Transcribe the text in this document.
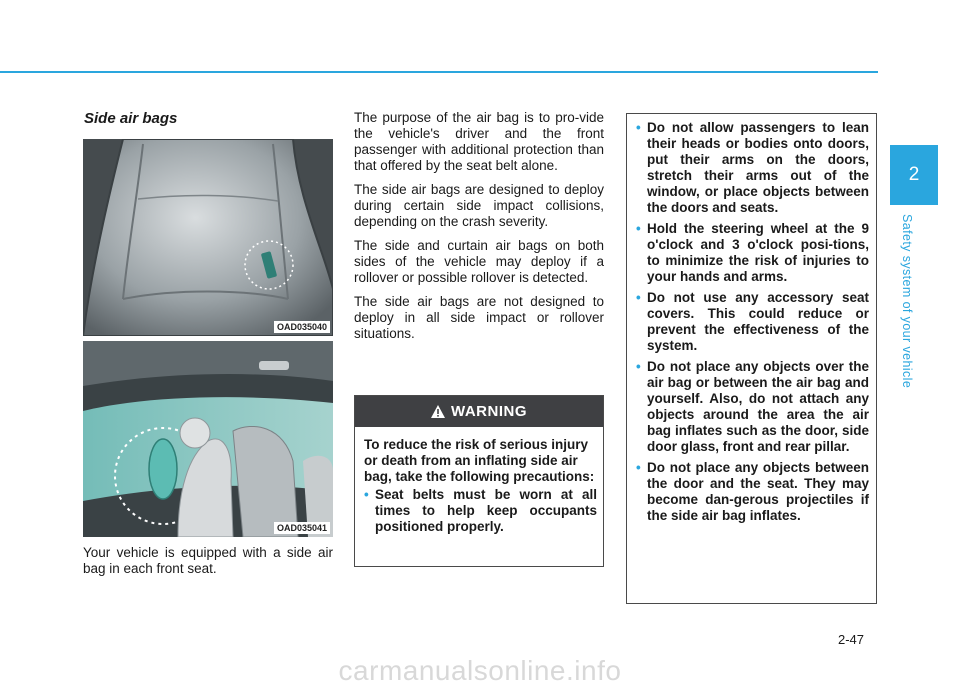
Side air bags
OAD035040
OAD035041

Your vehicle is equipped with a side air bag in each front seat.

The purpose of the air bag is to pro-vide the vehicle's driver and the front passenger with additional protection than that offered by the seat belt alone.

The side air bags are designed to deploy during certain side impact collisions, depending on the crash severity.

The side and curtain air bags on both sides of the vehicle may deploy if a rollover or possible rollover is detected.

The side air bags are not designed to deploy in all side impact or rollover situations.

WARNING

To reduce the risk of serious injury or death from an inflating side air bag, take the following precautions:

• Seat belts must be worn at all times to help keep occupants positioned properly.
• Do not allow passengers to lean their heads or bodies onto doors, put their arms on the doors, stretch their arms out of the window, or place objects between the doors and seats.
• Hold the steering wheel at the 9 o'clock and 3 o'clock posi-tions, to minimize the risk of injuries to your hands and arms.
• Do not use any accessory seat covers. This could reduce or prevent the effectiveness of the system.
• Do not place any objects over the air bag or between the air bag and yourself. Also, do not attach any objects around the area the air bag inflates such as the door, side door glass, front and rear pillar.
• Do not place any objects between the door and the seat. They may become dan-gerous projectiles if the side air bag inflates.
2
Safety system of your vehicle
2-47
carmanualsonline.info
